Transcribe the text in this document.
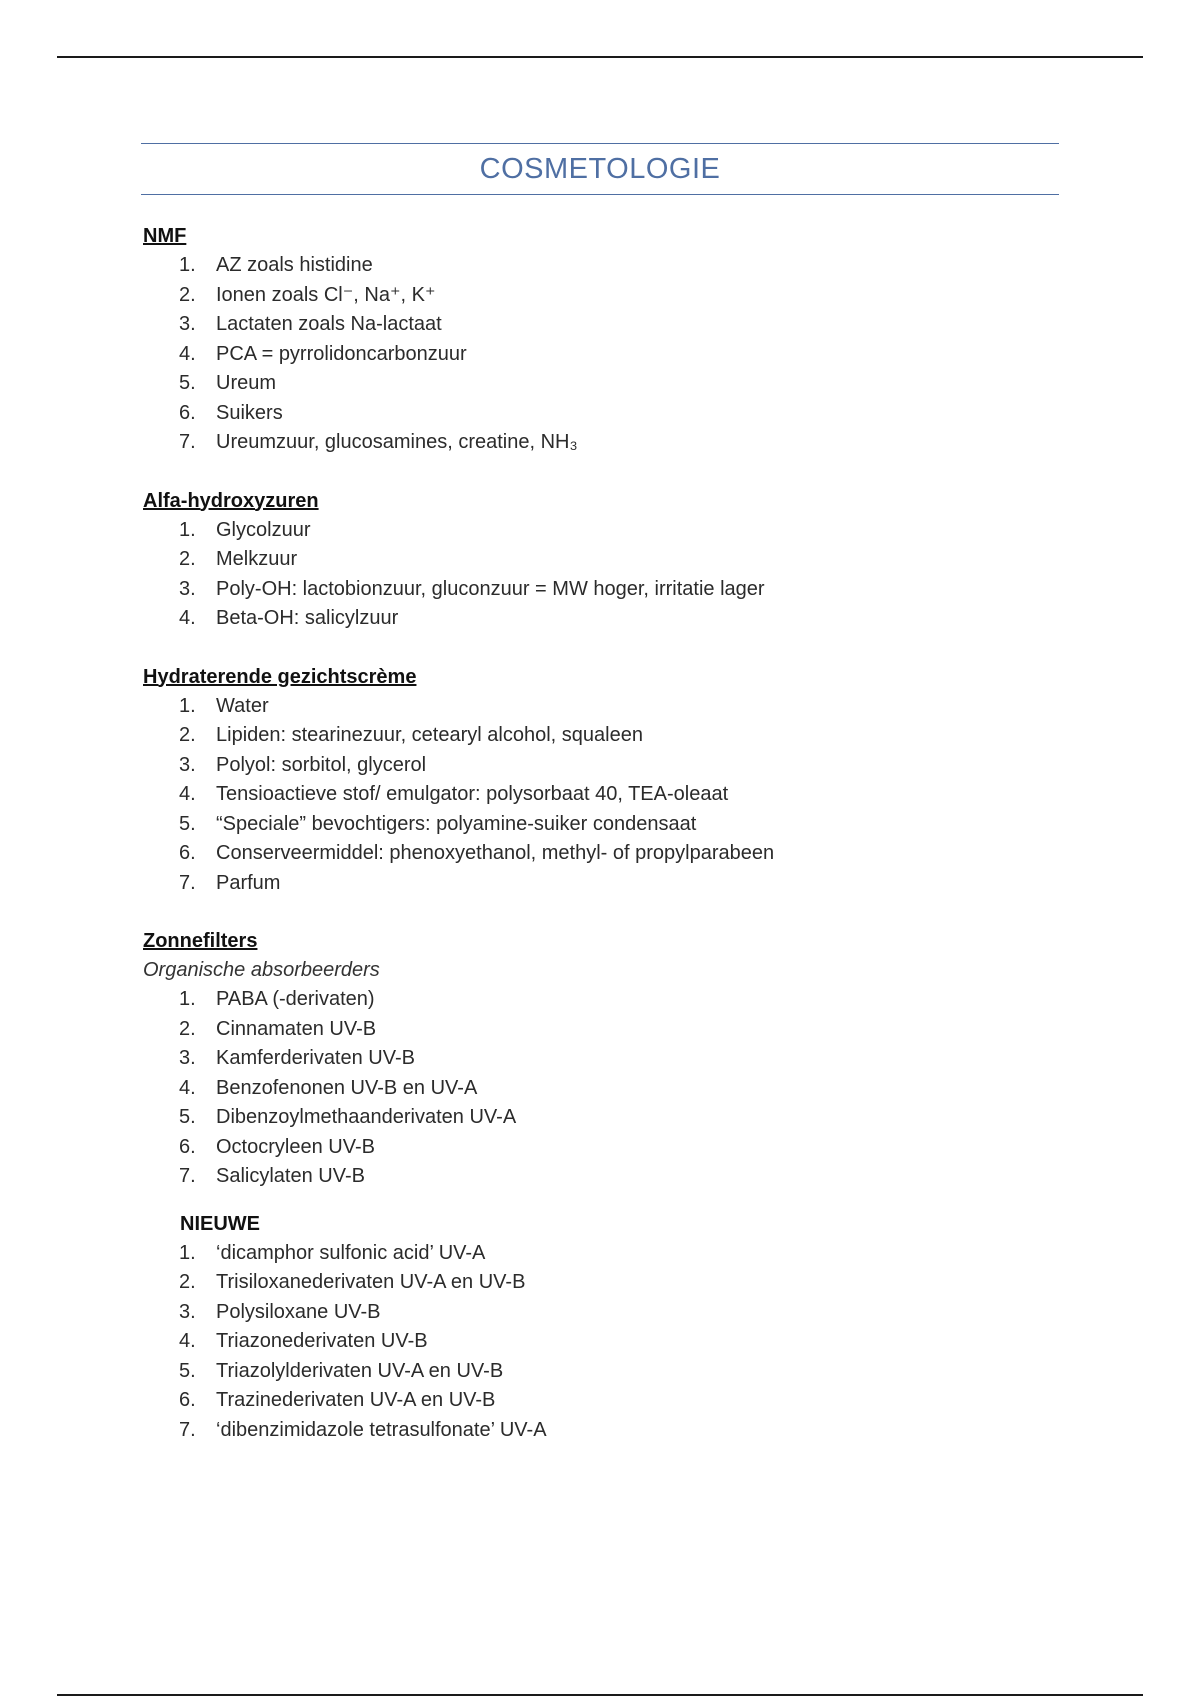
COSMETOLOGIE
NMF
1. AZ zoals histidine
2. Ionen zoals Cl⁻, Na⁺, K⁺
3. Lactaten zoals Na-lactaat
4. PCA = pyrrolidoncarbonzuur
5. Ureum
6. Suikers
7. Ureumzuur, glucosamines, creatine, NH₃
Alfa-hydroxyzuren
1. Glycolzuur
2. Melkzuur
3. Poly-OH: lactobionzuur, gluconzuur = MW hoger, irritatie lager
4. Beta-OH: salicylzuur
Hydraterende gezichtscrème
1. Water
2. Lipiden: stearinezuur, cetearyl alcohol, squaleen
3. Polyol: sorbitol, glycerol
4. Tensioactieve stof/ emulgator: polysorbaat 40, TEA-oleaat
5. “Speciale” bevochtigers: polyamine-suiker condensaat
6. Conserveermiddel: phenoxyethanol, methyl- of propylparabeen
7. Parfum
Zonnefilters
Organische absorbeerders
1. PABA (-derivaten)
2. Cinnamaten UV-B
3. Kamferderivaten UV-B
4. Benzofenonen UV-B en UV-A
5. Dibenzoylmethaanderivaten UV-A
6. Octocryleen UV-B
7. Salicylaten UV-B
NIEUWE
1. ‘dicamphor sulfonic acid’ UV-A
2. Trisiloxanederivaten UV-A en UV-B
3. Polysiloxane UV-B
4. Triazonederivaten UV-B
5. Triazolylderivaten UV-A en UV-B
6. Trazinederivaten UV-A en UV-B
7. ‘dibenzimidazole tetrasulfonate’ UV-A
